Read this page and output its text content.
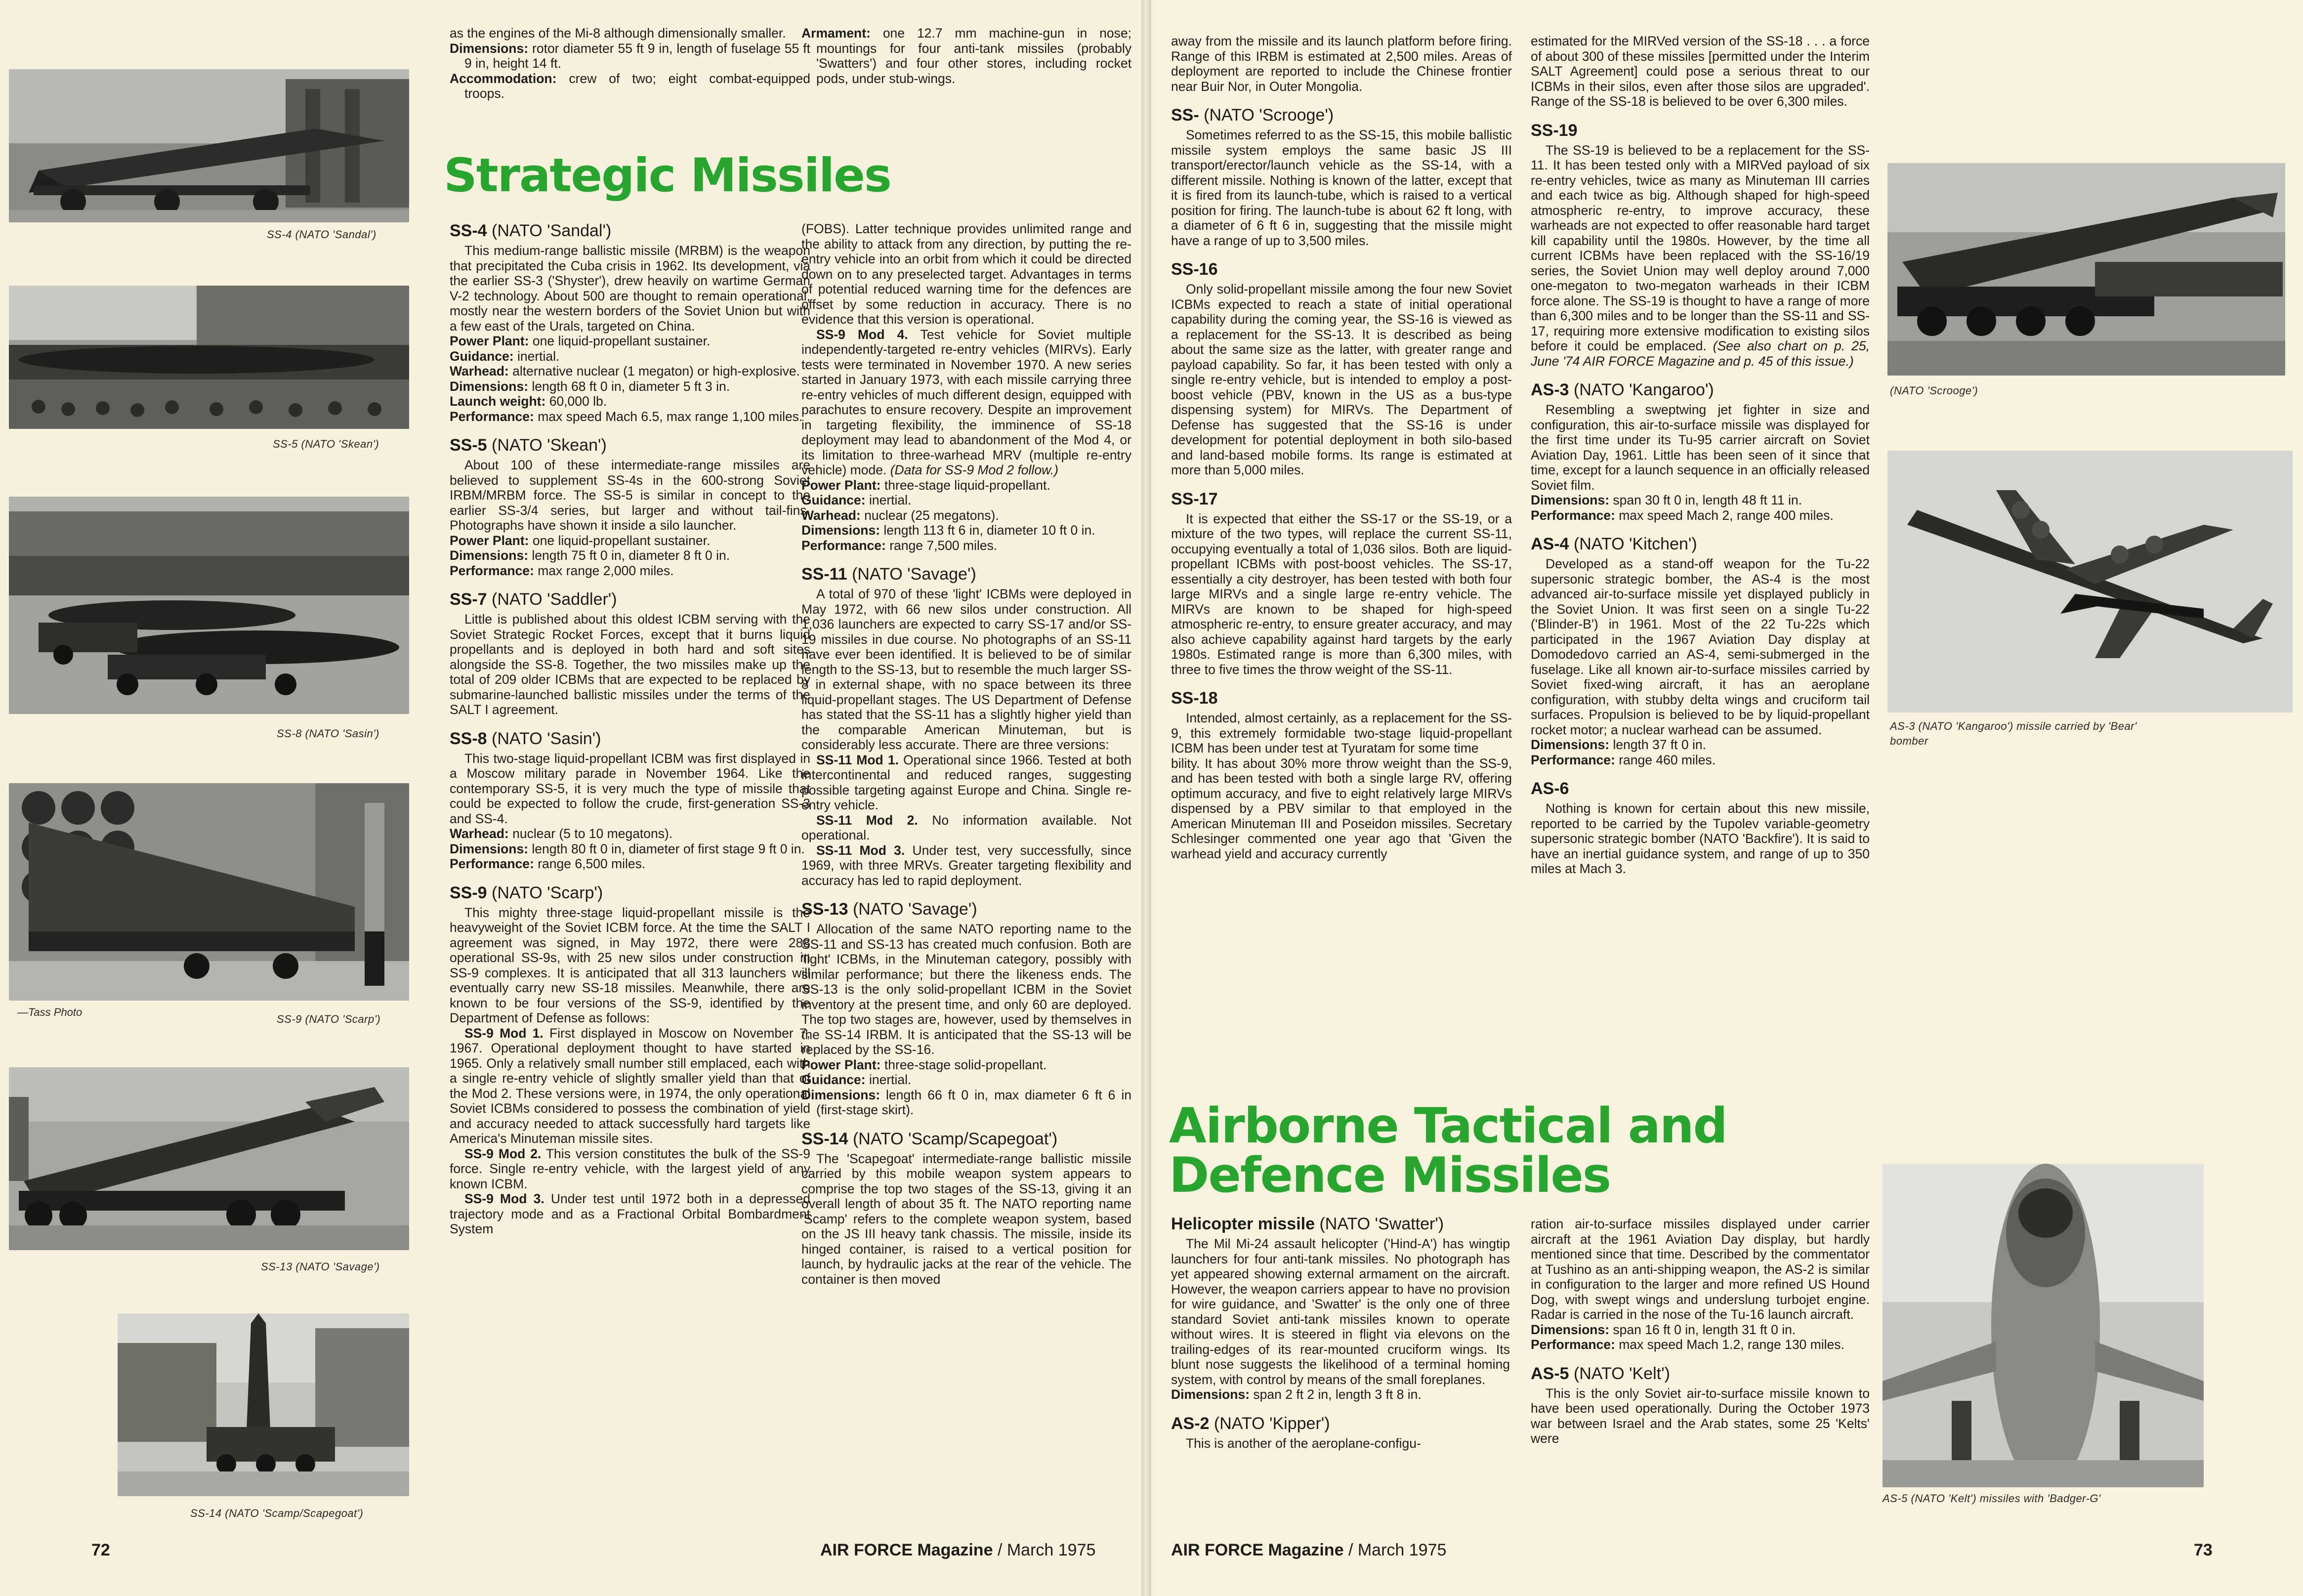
SS-4 (NATO 'Sandal')
SS-5 (NATO 'Skean')
SS-8 (NATO 'Sasin')
—Tass Photo
SS-9 (NATO 'Scarp')
SS-13 (NATO 'Savage')
SS-14 (NATO 'Scamp/Scapegoat')

as the engines of the Mi-8 although dimensionally smaller.

Dimensions: rotor diameter 55 ft 9 in, length of fuselage 55 ft 9 in, height 14 ft.

Accommodation: crew of two; eight combat-equipped troops.

Strategic Missiles
SS-4 (NATO 'Sandal')

This medium-range ballistic missile (MRBM) is the weapon that precipitated the Cuba crisis in 1962. Its development, via the earlier SS-3 ('Shyster'), drew heavily on wartime German V-2 technology. About 500 are thought to remain operational, mostly near the western borders of the Soviet Union but with a few east of the Urals, targeted on China.

Power Plant: one liquid-propellant sustainer.

Guidance: inertial.

Warhead: alternative nuclear (1 megaton) or high-explosive.

Dimensions: length 68 ft 0 in, diameter 5 ft 3 in.

Launch weight: 60,000 lb.

Performance: max speed Mach 6.5, max range 1,100 miles.

SS-5 (NATO 'Skean')

About 100 of these intermediate-range missiles are believed to supplement SS-4s in the 600-strong Soviet IRBM/MRBM force. The SS-5 is similar in concept to the earlier SS-3/4 series, but larger and without tail-fins. Photographs have shown it inside a silo launcher.

Power Plant: one liquid-propellant sustainer.

Dimensions: length 75 ft 0 in, diameter 8 ft 0 in.

Performance: max range 2,000 miles.

SS-7 (NATO 'Saddler')

Little is published about this oldest ICBM serving with the Soviet Strategic Rocket Forces, except that it burns liquid propellants and is deployed in both hard and soft sites alongside the SS-8. Together, the two missiles make up the total of 209 older ICBMs that are expected to be replaced by submarine-launched ballistic missiles under the terms of the SALT I agreement.

SS-8 (NATO 'Sasin')

This two-stage liquid-propellant ICBM was first displayed in a Moscow military parade in November 1964. Like the contemporary SS-5, it is very much the type of missile that could be expected to follow the crude, first-generation SS-3 and SS-4.

Warhead: nuclear (5 to 10 megatons).

Dimensions: length 80 ft 0 in, diameter of first stage 9 ft 0 in.

Performance: range 6,500 miles.

SS-9 (NATO 'Scarp')

This mighty three-stage liquid-propellant missile is the heavyweight of the Soviet ICBM force. At the time the SALT I agreement was signed, in May 1972, there were 288 operational SS-9s, with 25 new silos under construction in SS-9 complexes. It is anticipated that all 313 launchers will eventually carry new SS-18 missiles. Meanwhile, there are known to be four versions of the SS-9, identified by the Department of Defense as follows:

SS-9 Mod 1. First displayed in Moscow on November 7, 1967. Operational deployment thought to have started in 1965. Only a relatively small number still emplaced, each with a single re-entry vehicle of slightly smaller yield than that of the Mod 2. These versions were, in 1974, the only operational Soviet ICBMs considered to possess the combination of yield and accuracy needed to attack successfully hard targets like America's Minuteman missile sites.

SS-9 Mod 2. This version constitutes the bulk of the SS-9 force. Single re-entry vehicle, with the largest yield of any known ICBM.

SS-9 Mod 3. Under test until 1972 both in a depressed trajectory mode and as a Fractional Orbital Bombardment System

Armament: one 12.7 mm machine-gun in nose; mountings for four anti-tank missiles (probably 'Swatters') and four other stores, including rocket pods, under stub-wings.

(FOBS). Latter technique provides unlimited range and the ability to attack from any direction, by putting the re-entry vehicle into an orbit from which it could be directed down on to any preselected target. Advantages in terms of potential reduced warning time for the defences are offset by some reduction in accuracy. There is no evidence that this version is operational.

SS-9 Mod 4. Test vehicle for Soviet multiple independently-targeted re-entry vehicles (MIRVs). Early tests were terminated in November 1970. A new series started in January 1973, with each missile carrying three re-entry vehicles of much different design, equipped with parachutes to ensure recovery. Despite an improvement in targeting flexibility, the imminence of SS-18 deployment may lead to abandonment of the Mod 4, or its limitation to three-warhead MRV (multiple re-entry vehicle) mode. (Data for SS-9 Mod 2 follow.)

Power Plant: three-stage liquid-propellant.

Guidance: inertial.

Warhead: nuclear (25 megatons).

Dimensions: length 113 ft 6 in, diameter 10 ft 0 in.

Performance: range 7,500 miles.

SS-11 (NATO 'Savage')

A total of 970 of these 'light' ICBMs were deployed in May 1972, with 66 new silos under construction. All 1,036 launchers are expected to carry SS-17 and/or SS-19 missiles in due course. No photographs of an SS-11 have ever been identified. It is believed to be of similar length to the SS-13, but to resemble the much larger SS-8 in external shape, with no space between its three liquid-propellant stages. The US Department of Defense has stated that the SS-11 has a slightly higher yield than the comparable American Minuteman, but is considerably less accurate. There are three versions:

SS-11 Mod 1. Operational since 1966. Tested at both intercontinental and reduced ranges, suggesting possible targeting against Europe and China. Single re-entry vehicle.

SS-11 Mod 2. No information available. Not operational.

SS-11 Mod 3. Under test, very successfully, since 1969, with three MRVs. Greater targeting flexibility and accuracy has led to rapid deployment.

SS-13 (NATO 'Savage')

Allocation of the same NATO reporting name to the SS-11 and SS-13 has created much confusion. Both are 'light' ICBMs, in the Minuteman category, possibly with similar performance; but there the likeness ends. The SS-13 is the only solid-propellant ICBM in the Soviet inventory at the present time, and only 60 are deployed. The top two stages are, however, used by themselves in the SS-14 IRBM. It is anticipated that the SS-13 will be replaced by the SS-16.

Power Plant: three-stage solid-propellant.

Guidance: inertial.

Dimensions: length 66 ft 0 in, max diameter 6 ft 6 in (first-stage skirt).

SS-14 (NATO 'Scamp/Scapegoat')

The 'Scapegoat' intermediate-range ballistic missile carried by this mobile weapon system appears to comprise the top two stages of the SS-13, giving it an overall length of about 35 ft. The NATO reporting name 'Scamp' refers to the complete weapon system, based on the JS III heavy tank chassis. The missile, inside its hinged container, is raised to a vertical position for launch, by hydraulic jacks at the rear of the vehicle. The container is then moved

72	AIR FORCE Magazine / March 1975

away from the missile and its launch platform before firing. Range of this IRBM is estimated at 2,500 miles. Areas of deployment are reported to include the Chinese frontier near Buir Nor, in Outer Mongolia.

SS- (NATO 'Scrooge')

Sometimes referred to as the SS-15, this mobile ballistic missile system employs the same basic JS III transport/erector/launch vehicle as the SS-14, with a different missile. Nothing is known of the latter, except that it is fired from its launch-tube, which is raised to a vertical position for firing. The launch-tube is about 62 ft long, with a diameter of 6 ft 6 in, suggesting that the missile might have a range of up to 3,500 miles.

SS-16

Only solid-propellant missile among the four new Soviet ICBMs expected to reach a state of initial operational capability during the coming year, the SS-16 is viewed as a replacement for the SS-13. It is described as being about the same size as the latter, with greater range and payload capability. So far, it has been tested with only a single re-entry vehicle, but is intended to employ a post-boost vehicle (PBV, known in the US as a bus-type dispensing system) for MIRVs. The Department of Defense has suggested that the SS-16 is under development for potential deployment in both silo-based and land-based mobile forms. Its range is estimated at more than 5,000 miles.

SS-17

It is expected that either the SS-17 or the SS-19, or a mixture of the two types, will replace the current SS-11, occupying eventually a total of 1,036 silos. Both are liquid-propellant ICBMs with post-boost vehicles. The SS-17, essentially a city destroyer, has been tested with both four large MIRVs and a single large re-entry vehicle. The MIRVs are known to be shaped for high-speed atmospheric re-entry, to ensure greater accuracy, and may also achieve capability against hard targets by the early 1980s. Estimated range is more than 6,300 miles, with three to five times the throw weight of the SS-11.

SS-18

Intended, almost certainly, as a replacement for the SS-9, this extremely formidable two-stage liquid-propellant ICBM has been under test at Tyuratam for some time

bility. It has about 30% more throw weight than the SS-9, and has been tested with both a single large RV, offering optimum accuracy, and five to eight relatively large MIRVs dispensed by a PBV similar to that employed in the American Minuteman III and Poseidon missiles. Secretary Schlesinger commented one year ago that 'Given the warhead yield and accuracy currently

estimated for the MIRVed version of the SS-18 . . . a force of about 300 of these missiles [permitted under the Interim SALT Agreement] could pose a serious threat to our ICBMs in their silos, even after those silos are upgraded'. Range of the SS-18 is believed to be over 6,300 miles.

SS-19

The SS-19 is believed to be a replacement for the SS-11. It has been tested only with a MIRVed payload of six re-entry vehicles, twice as many as Minuteman III carries and each twice as big. Although shaped for high-speed atmospheric re-entry, to improve accuracy, these warheads are not expected to offer reasonable hard target kill capability until the 1980s. However, by the time all current ICBMs have been replaced with the SS-16/19 series, the Soviet Union may well deploy around 7,000 one-megaton to two-megaton warheads in their ICBM force alone. The SS-19 is thought to have a range of more than 6,300 miles and to be longer than the SS-11 and SS-17, requiring more extensive modification to existing silos before it could be emplaced. (See also chart on p. 25, June '74 AIR FORCE Magazine and p. 45 of this issue.)

AS-3 (NATO 'Kangaroo')

Resembling a sweptwing jet fighter in size and configuration, this air-to-surface missile was displayed for the first time under its Tu-95 carrier aircraft on Soviet Aviation Day, 1961. Little has been seen of it since that time, except for a launch sequence in an officially released Soviet film.

Dimensions: span 30 ft 0 in, length 48 ft 11 in.

Performance: max speed Mach 2, range 400 miles.

AS-4 (NATO 'Kitchen')

Developed as a stand-off weapon for the Tu-22 supersonic strategic bomber, the AS-4 is the most advanced air-to-surface missile yet displayed publicly in the Soviet Union. It was first seen on a single Tu-22 ('Blinder-B') in 1961. Most of the 22 Tu-22s which participated in the 1967 Aviation Day display at Domodedovo carried an AS-4, semi-submerged in the fuselage. Like all known air-to-surface missiles carried by Soviet fixed-wing aircraft, it has an aeroplane configuration, with stubby delta wings and cruciform tail surfaces. Propulsion is believed to be by liquid-propellant rocket motor; a nuclear warhead can be assumed.

Dimensions: length 37 ft 0 in.

Performance: range 460 miles.

AS-6

Nothing is known for certain about this new missile, reported to be carried by the Tupolev variable-geometry supersonic strategic bomber (NATO 'Backfire'). It is said to have an inertial guidance system, and range of up to 350 miles at Mach 3.

(NATO 'Scrooge')
AS-3 (NATO 'Kangaroo') missile carried by 'Bear' bomber
Airborne Tactical and
Defence Missiles
Helicopter missile (NATO 'Swatter')

The Mil Mi-24 assault helicopter ('Hind-A') has wingtip launchers for four anti-tank missiles. No photograph has yet appeared showing external armament on the aircraft. However, the weapon carriers appear to have no provision for wire guidance, and 'Swatter' is the only one of three standard Soviet anti-tank missiles known to operate without wires. It is steered in flight via elevons on the trailing-edges of its rear-mounted cruciform wings. Its blunt nose suggests the likelihood of a terminal homing system, with control by means of the small foreplanes.

Dimensions: span 2 ft 2 in, length 3 ft 8 in.

AS-2 (NATO 'Kipper')

This is another of the aeroplane-configu-

ration air-to-surface missiles displayed under carrier aircraft at the 1961 Aviation Day display, but hardly mentioned since that time. Described by the commentator at Tushino as an anti-shipping weapon, the AS-2 is similar in configuration to the larger and more refined US Hound Dog, with swept wings and underslung turbojet engine. Radar is carried in the nose of the Tu-16 launch aircraft.

Dimensions: span 16 ft 0 in, length 31 ft 0 in.

Performance: max speed Mach 1.2, range 130 miles.

AS-5 (NATO 'Kelt')

This is the only Soviet air-to-surface missile known to have been used operationally. During the October 1973 war between Israel and the Arab states, some 25 'Kelts' were

AS-5 (NATO 'Kelt') missiles with 'Badger-G'
AIR FORCE Magazine / March 1975	73
